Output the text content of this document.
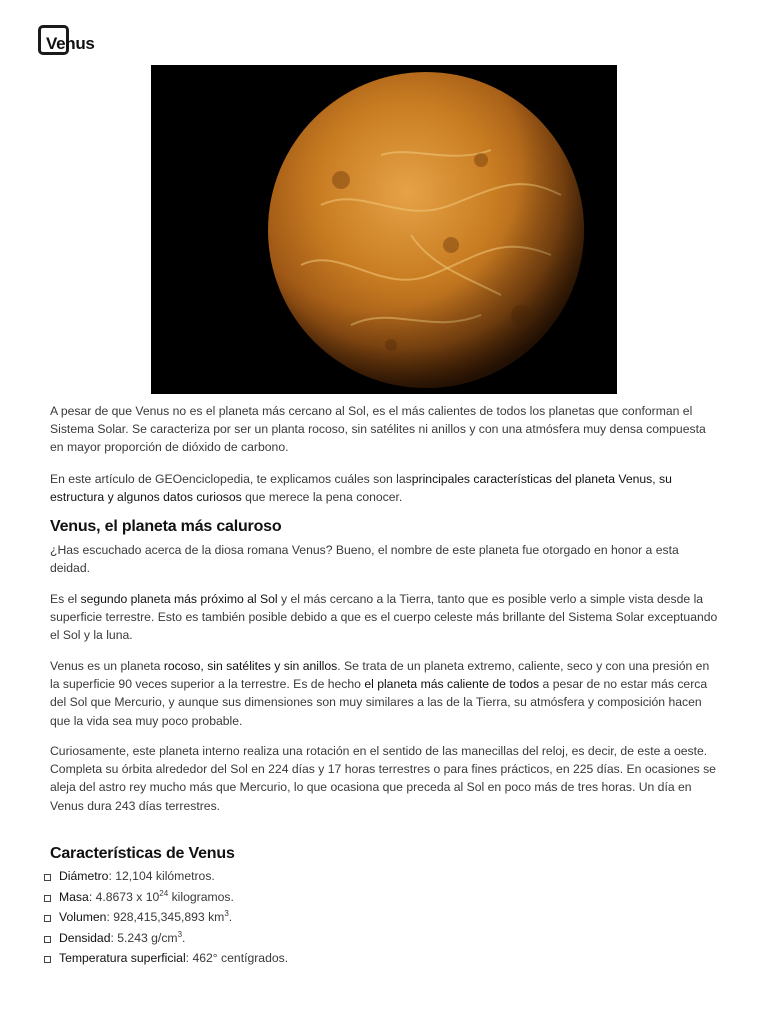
Venus

A pesar de que Venus no es el planeta más cercano al Sol, es el más calientes de todos los planetas que conforman el Sistema Solar. Se caracteriza por ser un planta rocoso, sin satélites ni anillos y con una atmósfera muy densa compuesta en mayor proporción de dióxido de carbono.

En este artículo de GEOenciclopedia, te explicamos cuáles son lasprincipales características del planeta Venus, su estructura y algunos datos curiosos que merece la pena conocer.

Venus, el planeta más caluroso

¿Has escuchado acerca de la diosa romana Venus? Bueno, el nombre de este planeta fue otorgado en honor a esta deidad.

Es el segundo planeta más próximo al Sol y el más cercano a la Tierra, tanto que es posible verlo a simple vista desde la superficie terrestre. Esto es también posible debido a que es el cuerpo celeste más brillante del Sistema Solar exceptuando el Sol y la luna.

Venus es un planeta rocoso, sin satélites y sin anillos. Se trata de un planeta extremo, caliente, seco y con una presión en la superficie 90 veces superior a la terrestre. Es de hecho el planeta más caliente de todos a pesar de no estar más cerca del Sol que Mercurio, y aunque sus dimensiones son muy similares a las de la Tierra, su atmósfera y composición hacen que la vida sea muy poco probable.

Curiosamente, este planeta interno realiza una rotación en el sentido de las manecillas del reloj, es decir, de este a oeste. Completa su órbita alrededor del Sol en 224 días y 17 horas terrestres o para fines prácticos, en 225 días. En ocasiones se aleja del astro rey mucho más que Mercurio, lo que ocasiona que preceda al Sol en poco más de tres horas. Un día en Venus dura 243 días terrestres.

Características de Venus
Diámetro: 12,104 kilómetros.
Masa: 4.8673 x $10^{24}$ kilogramos.
Volumen: 928,415,345,893 $km^3$.
Densidad: 5.243 $g/cm^3$.
Temperatura superficial: 462° centígrados.
